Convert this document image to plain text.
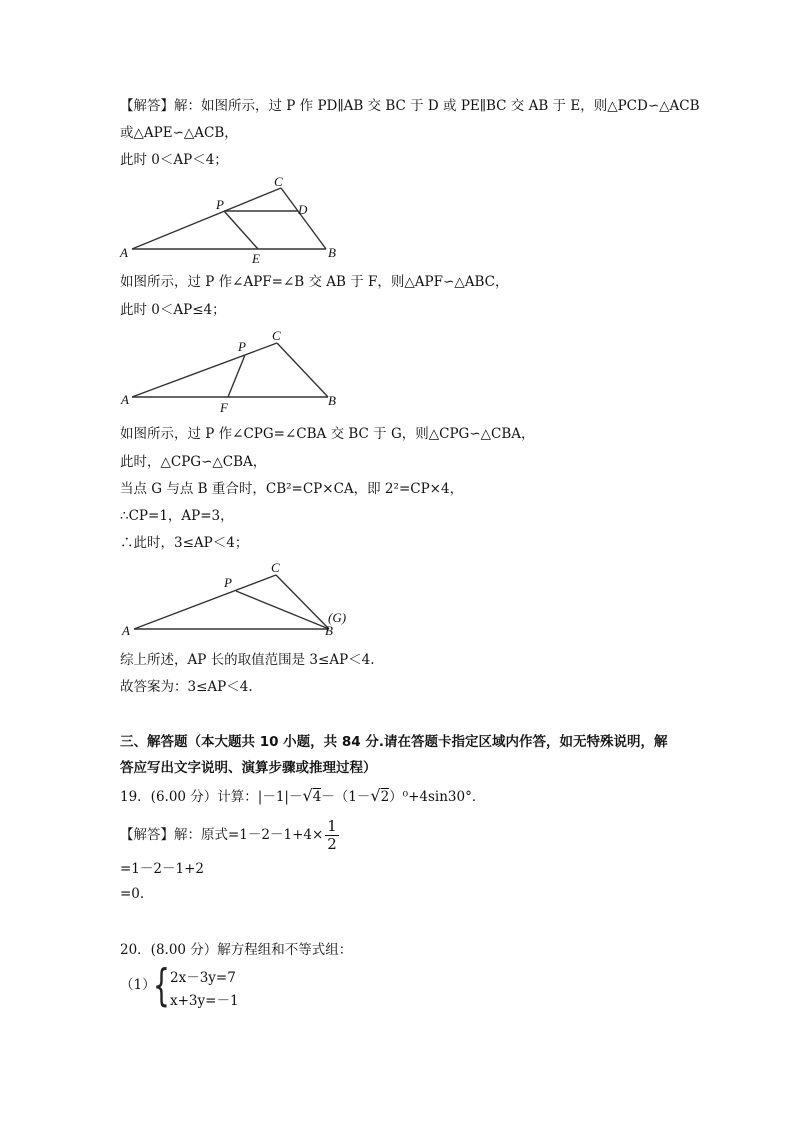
【解答】解：如图所示，过 P 作 PD∥AB 交 BC 于 D 或 PE∥BC 交 AB 于 E，则△PCD∽△ACB
或△APE∽△ACB，
此时 0＜AP＜4；
A	B
C
P	D
E
如图所示，过 P 作∠APF=∠B 交 AB 于 F，则△APF∽△ABC，
此时 0＜AP≤4；
A	B
C
P
F
如图所示，过 P 作∠CPG=∠CBA 交 BC 于 G，则△CPG∽△CBA，
此时，△CPG∽△CBA，
当点 G 与点 B 重合时，CB²=CP×CA，即 2²=CP×4，
∴CP=1，AP=3，
∴此时，3≤AP＜4；
A	B
C
P
(G)
综上所述，AP 长的取值范围是 3≤AP＜4.
故答案为：3≤AP＜4.
三、解答题（本大题共 10 小题，共 84 分.请在答题卡指定区域内作答，如无特殊说明，解
答应写出文字说明、演算步骤或推理过程）
19．(6.00 分）计算：|－1|－√4－（1－√2）⁰+4sin30°．
【解答】解：原式$=1-2-1+4\times \frac{1}{2}$
=1－2－1+2
=0.
20．(8.00 分）解方程组和不等式组：
（1）
{ 2x－3y=7
x+3y=－1
